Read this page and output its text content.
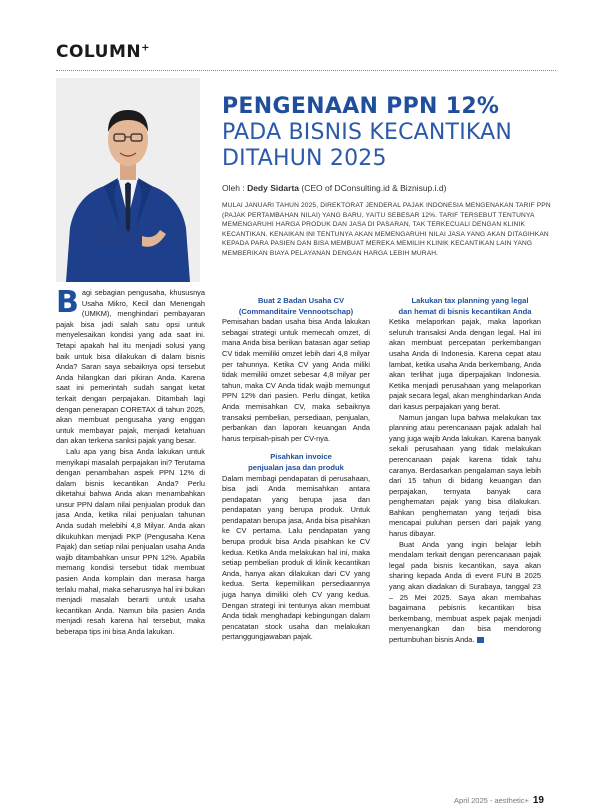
COLUMN+

PENGENAAN PPN 12%

PADA BISNIS KECANTIKAN

DITAHUN 2025

Oleh : Dedy Sidarta (CEO of DConsulting.id & Biznisup.i.d)
MULAI JANUARI TAHUN 2025, DIREKTORAT JENDERAL PAJAK INDONESIA MENGENAKAN TARIF PPN (PAJAK PERTAMBAHAN NILAI) YANG BARU, YAITU SEBESAR 12%. TARIF TERSEBUT TENTUNYA MEMENGARUHI HARGA PRODUK DAN JASA DI PASARAN, TAK TERKECUALI DENGAN KLINIK KECANTIKAN. KENAIKAN INI TENTUNYA AKAN MEMENGARUHI NILAI JASA YANG AKAN DITAGIHKAN KEPADA PARA PASIEN DAN BISA MEMBUAT MEREKA MEMILIH KLINIK KECANTIKAN LAIN YANG MEMBERIKAN BIAYA PELAYANAN DENGAN HARGA LEBIH MURAH.

Bagi sebagian pengusaha, khususnya Usaha Mikro, Kecil dan Menengah (UMKM), menghindari pembayaran pajak bisa jadi salah satu opsi untuk menyelesaikan kondisi yang ada saat ini. Tetapi apakah hal itu menjadi solusi yang baik untuk bisa dilakukan di dalam bisnis Anda? Saran saya sebaiknya opsi tersebut Anda hilangkan dari pikiran Anda. Karena saat ini pemerintah sudah sangat ketat terkait dengan perpajakan. Ditambah lagi dengan penerapan CORETAX di tahun 2025, akan membuat pengusaha yang enggan untuk membayar pajak, menjadi ketahuan dan akan terkena sanksi pajak yang besar.

Lalu apa yang bisa Anda lakukan untuk menyikapi masalah perpajakan ini? Terutama dengan penambahan aspek PPN 12% di dalam bisnis kecantikan Anda? Perlu diketahui bahwa Anda akan menambahkan unsur PPN dalam nilai penjualan produk dan jasa Anda, ketika nilai penjualan tahunan Anda sudah melebihi 4,8 Milyar. Anda akan dikukuhkan menjadi PKP (Pengusaha Kena Pajak) dan setiap nilai penjualan usaha Anda wajib ditambahkan unsur PPN 12%. Apabila memang kondisi tersebut tidak membuat pasien Anda komplain dan merasa harga terlalu mahal, maka seharusnya hal ini bukan menjadi masalah berarti untuk usaha kecantikan Anda. Namun bila pasien Anda menjadi resah karena hal tersebut, maka beberapa tips ini bisa Anda lakukan.

Buat 2 Badan Usaha CV
(Commanditaire Vennootschap)

Pemisahan badan usaha bisa Anda lakukan sebagai strategi untuk memecah omzet, di mana Anda bisa berikan batasan agar setiap CV tidak memiliki omzet lebih dari 4,8 milyar per tahunnya. Ketika CV yang Anda miliki tidak memiliki omzet sebesar 4,8 milyar per tahun, maka CV Anda tidak wajib memungut PPN 12% dari pasien. Perlu diingat, ketika Anda memisahkan CV, maka sebaiknya transaksi pembelian, persediaan, penjualan, perbankan dan laporan keuangan Anda harus terpisah-pisah per CV-nya.

Pisahkan invoice
penjualan jasa dan produk

Dalam membagi pendapatan di perusahaan, bisa jadi Anda memisahkan antara pendapatan yang berupa jasa dan pendapatan yang berupa produk. Untuk pendapatan berupa jasa, Anda bisa pisahkan ke CV pertama. Lalu pendapatan yang berupa produk bisa Anda pisahkan ke CV kedua. Ketika Anda melakukan hal ini, maka setiap pembelian produk di klinik kecantikan Anda, hanya akan dilakukan dari CV yang kedua. Serta kepemilikan persediaannya juga hanya dimiliki oleh CV yang kedua. Dengan strategi ini tentunya akan membuat Anda tidak menghadapi kebingungan dalam pencatatan stock usaha dan melakukan pertanggungjawaban pajak.

Lakukan tax planning yang legal
dan hemat di bisnis kecantikan Anda

Ketika melaporkan pajak, maka laporkan seluruh transaksi Anda dengan legal. Hal ini akan membuat percepatan perkembangan usaha Anda di Indonesia. Karena cepat atau lambat, ketika usaha Anda berkembang, Anda akan terlihat juga diperpajakan Indonesia. Ketika menjadi perusahaan yang melaporkan pajak secara legal, akan menghindarkan Anda dari kasus perpajakan yang berat.

Namun jangan lupa bahwa melakukan tax planning atau perencanaan pajak adalah hal yang juga wajib Anda lakukan. Karena banyak sekali perusahaan yang tidak melakukan perencanaan pajak karena tidak tahu caranya. Berdasarkan pengalaman saya lebih dari 15 tahun di bidang keuangan dan perpajakan, ternyata banyak cara penghematan pajak yang bisa dilakukan. Bahkan penghematan yang terjadi bisa mencapai puluhan persen dari pajak yang harus dibayar.

Buat Anda yang ingin belajar lebih mendalam terkait dengan perencanaan pajak legal pada bisnis kecantikan, saya akan sharing kepada Anda di event FUN B 2025 yang akan diadakan di Surabaya, tanggal 23 – 25 Mei 2025. Saya akan membahas bagaimana pebisnis kecantikan bisa berkembang, membuat aspek pajak menjadi menyenangkan dan bisa mendorong pertumbuhan bisnis Anda.

April 2025 - aesthetic+ 19
